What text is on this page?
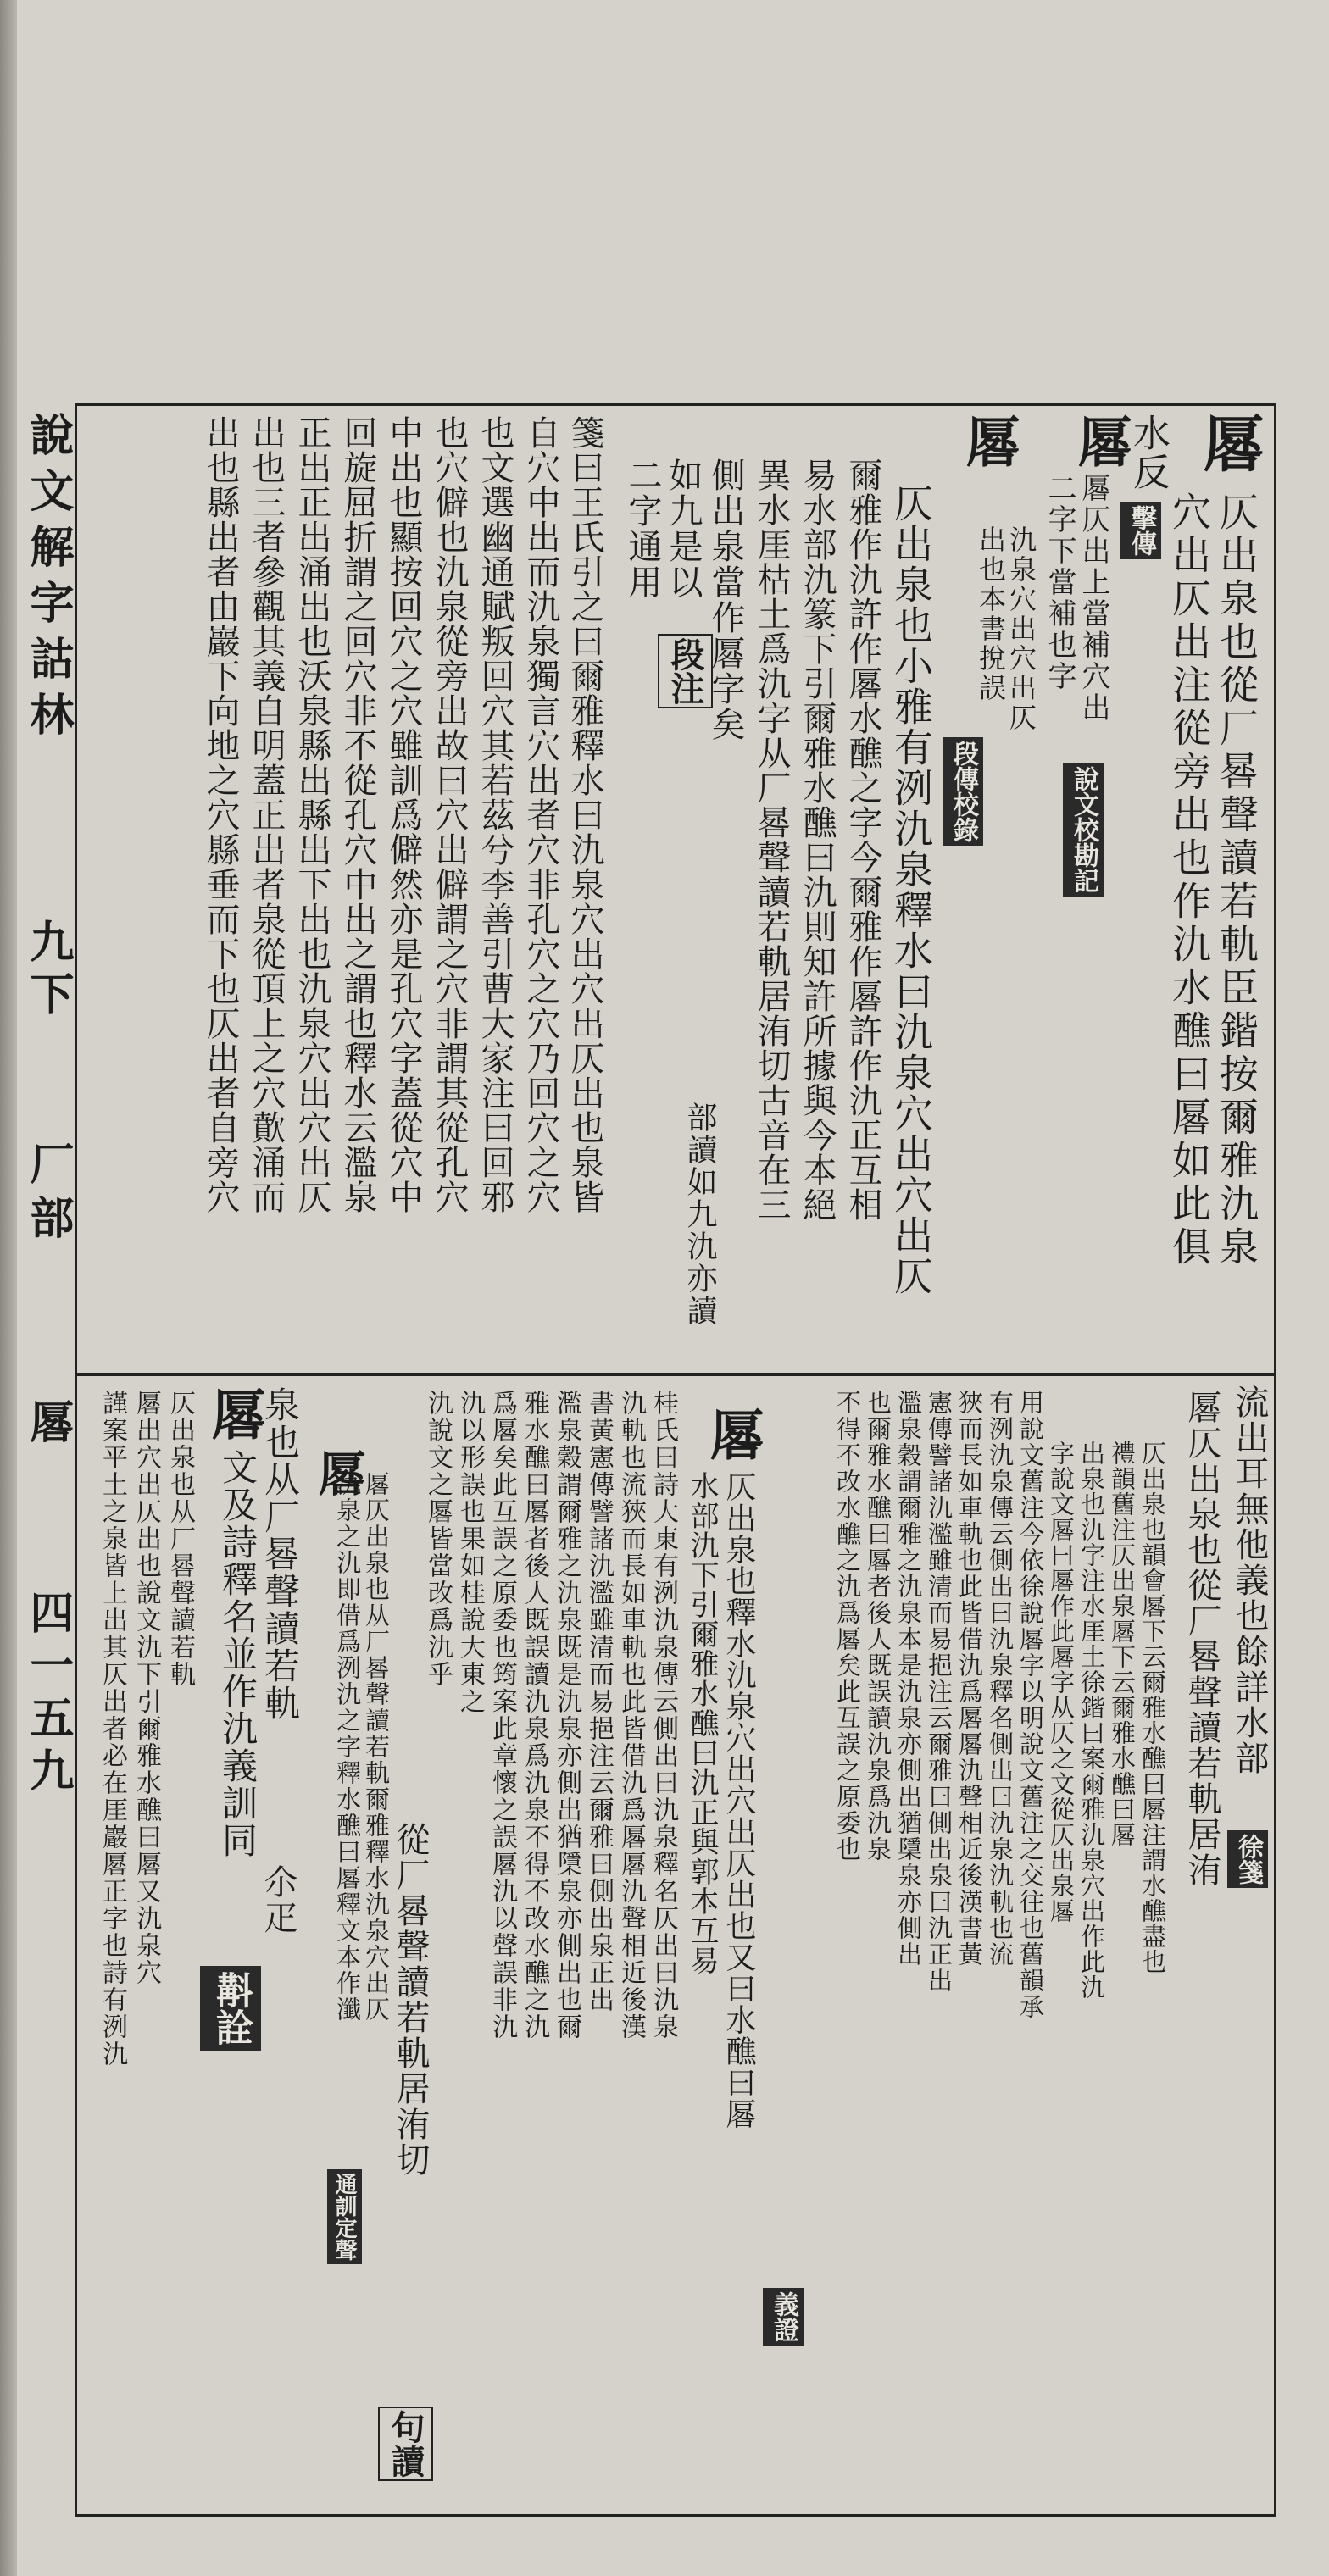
說文解字詁林
九下
厂部
厬
四一五九
厬
仄出泉也從厂晷聲讀若軌臣鍇按爾雅氿泉
穴出仄出注從旁出也作氿水醮曰厬如此俱
水反
擊傳
厬
厬仄出上當補穴出
二字下當補也字
說文校勘記
厬
氿泉穴出穴出仄
出也本書挩誤
段傳校錄
仄出泉也小雅有洌氿泉釋水曰氿泉穴出穴出仄
爾雅作氿許作厬水醮之字今爾雅作厬許作氿正互相
易水部氿篆下引爾雅水醮曰氿則知許所據與今本絕
異水厓枯土爲氿字从厂晷聲讀若軌居洧切古音在三
側出泉當作厬字矣
部讀如九氿亦讀
如九是以
二字通用
段注
箋曰王氏引之曰爾雅釋水曰氿泉穴出穴出仄出也泉皆
自穴中出而氿泉獨言穴出者穴非孔穴之穴乃回穴之穴
也文選幽通賦叛回穴其若茲兮李善引曹大家注曰回邪
也穴僻也氿泉從旁出故曰穴出僻謂之穴非謂其從孔穴
中出也顯按回穴之穴雖訓爲僻然亦是孔穴字蓋從穴中
回旋屈折謂之回穴非不從孔穴中出之謂也釋水云濫泉
正出正出涌出也沃泉縣出縣出下出也氿泉穴出穴出仄
出也三者參觀其義自明蓋正出者泉從頂上之穴歕涌而
出也縣出者由巖下向地之穴縣垂而下也仄出者自旁穴
流出耳無他義也餘詳水部
徐箋
厬仄出泉也從厂晷聲讀若軌居洧
仄出泉也韻會厬下云爾雅水醮曰厬注謂水醮盡也
禮韻舊注仄出泉厬下云爾雅水醮曰厬
出泉也氿字注水厓土徐鍇曰案爾雅氿泉穴出作此氿
字說文厬曰厬作此厬字从仄之文從仄出泉厬
用說文舊注今依徐說厬字以明說文舊注之交往也舊韻承
有洌氿泉傳云側出曰氿泉釋名側出曰氿泉氿軌也流
狹而長如車軌也此皆借氿爲厬厬氿聲相近後漢書黃
憲傳譬諸氿濫雖清而易挹注云爾雅曰側出泉曰氿正出
濫泉穀謂爾雅之氿泉本是氿泉亦側出猶檃泉亦側出
也爾雅水醮曰厬者後人既誤讀氿泉爲氿泉
不得不改水醮之氿爲厬矣此互誤之原委也
義證
厬
仄出泉也釋水氿泉穴出穴出仄出也又曰水醮曰厬
水部氿下引爾雅水醮曰氿正與郭本互易
桂氏曰詩大東有洌氿泉傳云側出曰氿泉釋名仄出曰氿泉
氿軌也流狹而長如車軌也此皆借氿爲厬厬氿聲相近後漢
書黃憲傳譬諸氿濫雖清而易挹注云爾雅曰側出泉正出
濫泉穀謂爾雅之氿泉既是氿泉亦側出猶檃泉亦側出也爾
雅水醮曰厬者後人既誤讀氿泉爲氿泉不得不改水醮之氿
爲厬矣此互誤之原委也筠案此章懷之誤厬氿以聲誤非氿
氿以形誤也果如桂說大東之
氿說文之厬皆當改爲氿乎
從厂晷聲讀若軌居洧切
句讀
厬
厬仄出泉也从厂晷聲讀若軌爾雅釋水氿泉穴出仄
氿泉之氿即借爲洌氿之字釋水醮曰厬釋文本作瀸
通訓定聲
厬
泉也从厂晷聲讀若軌
文及詩釋名並作氿義訓同
尒疋
斠詮
仄出泉也从厂晷聲讀若軌
厬出穴出仄出也說文氿下引爾雅水醮曰厬又氿泉穴
謹案平土之泉皆上出其仄出者必在厓巖厬正字也詩有洌氿
